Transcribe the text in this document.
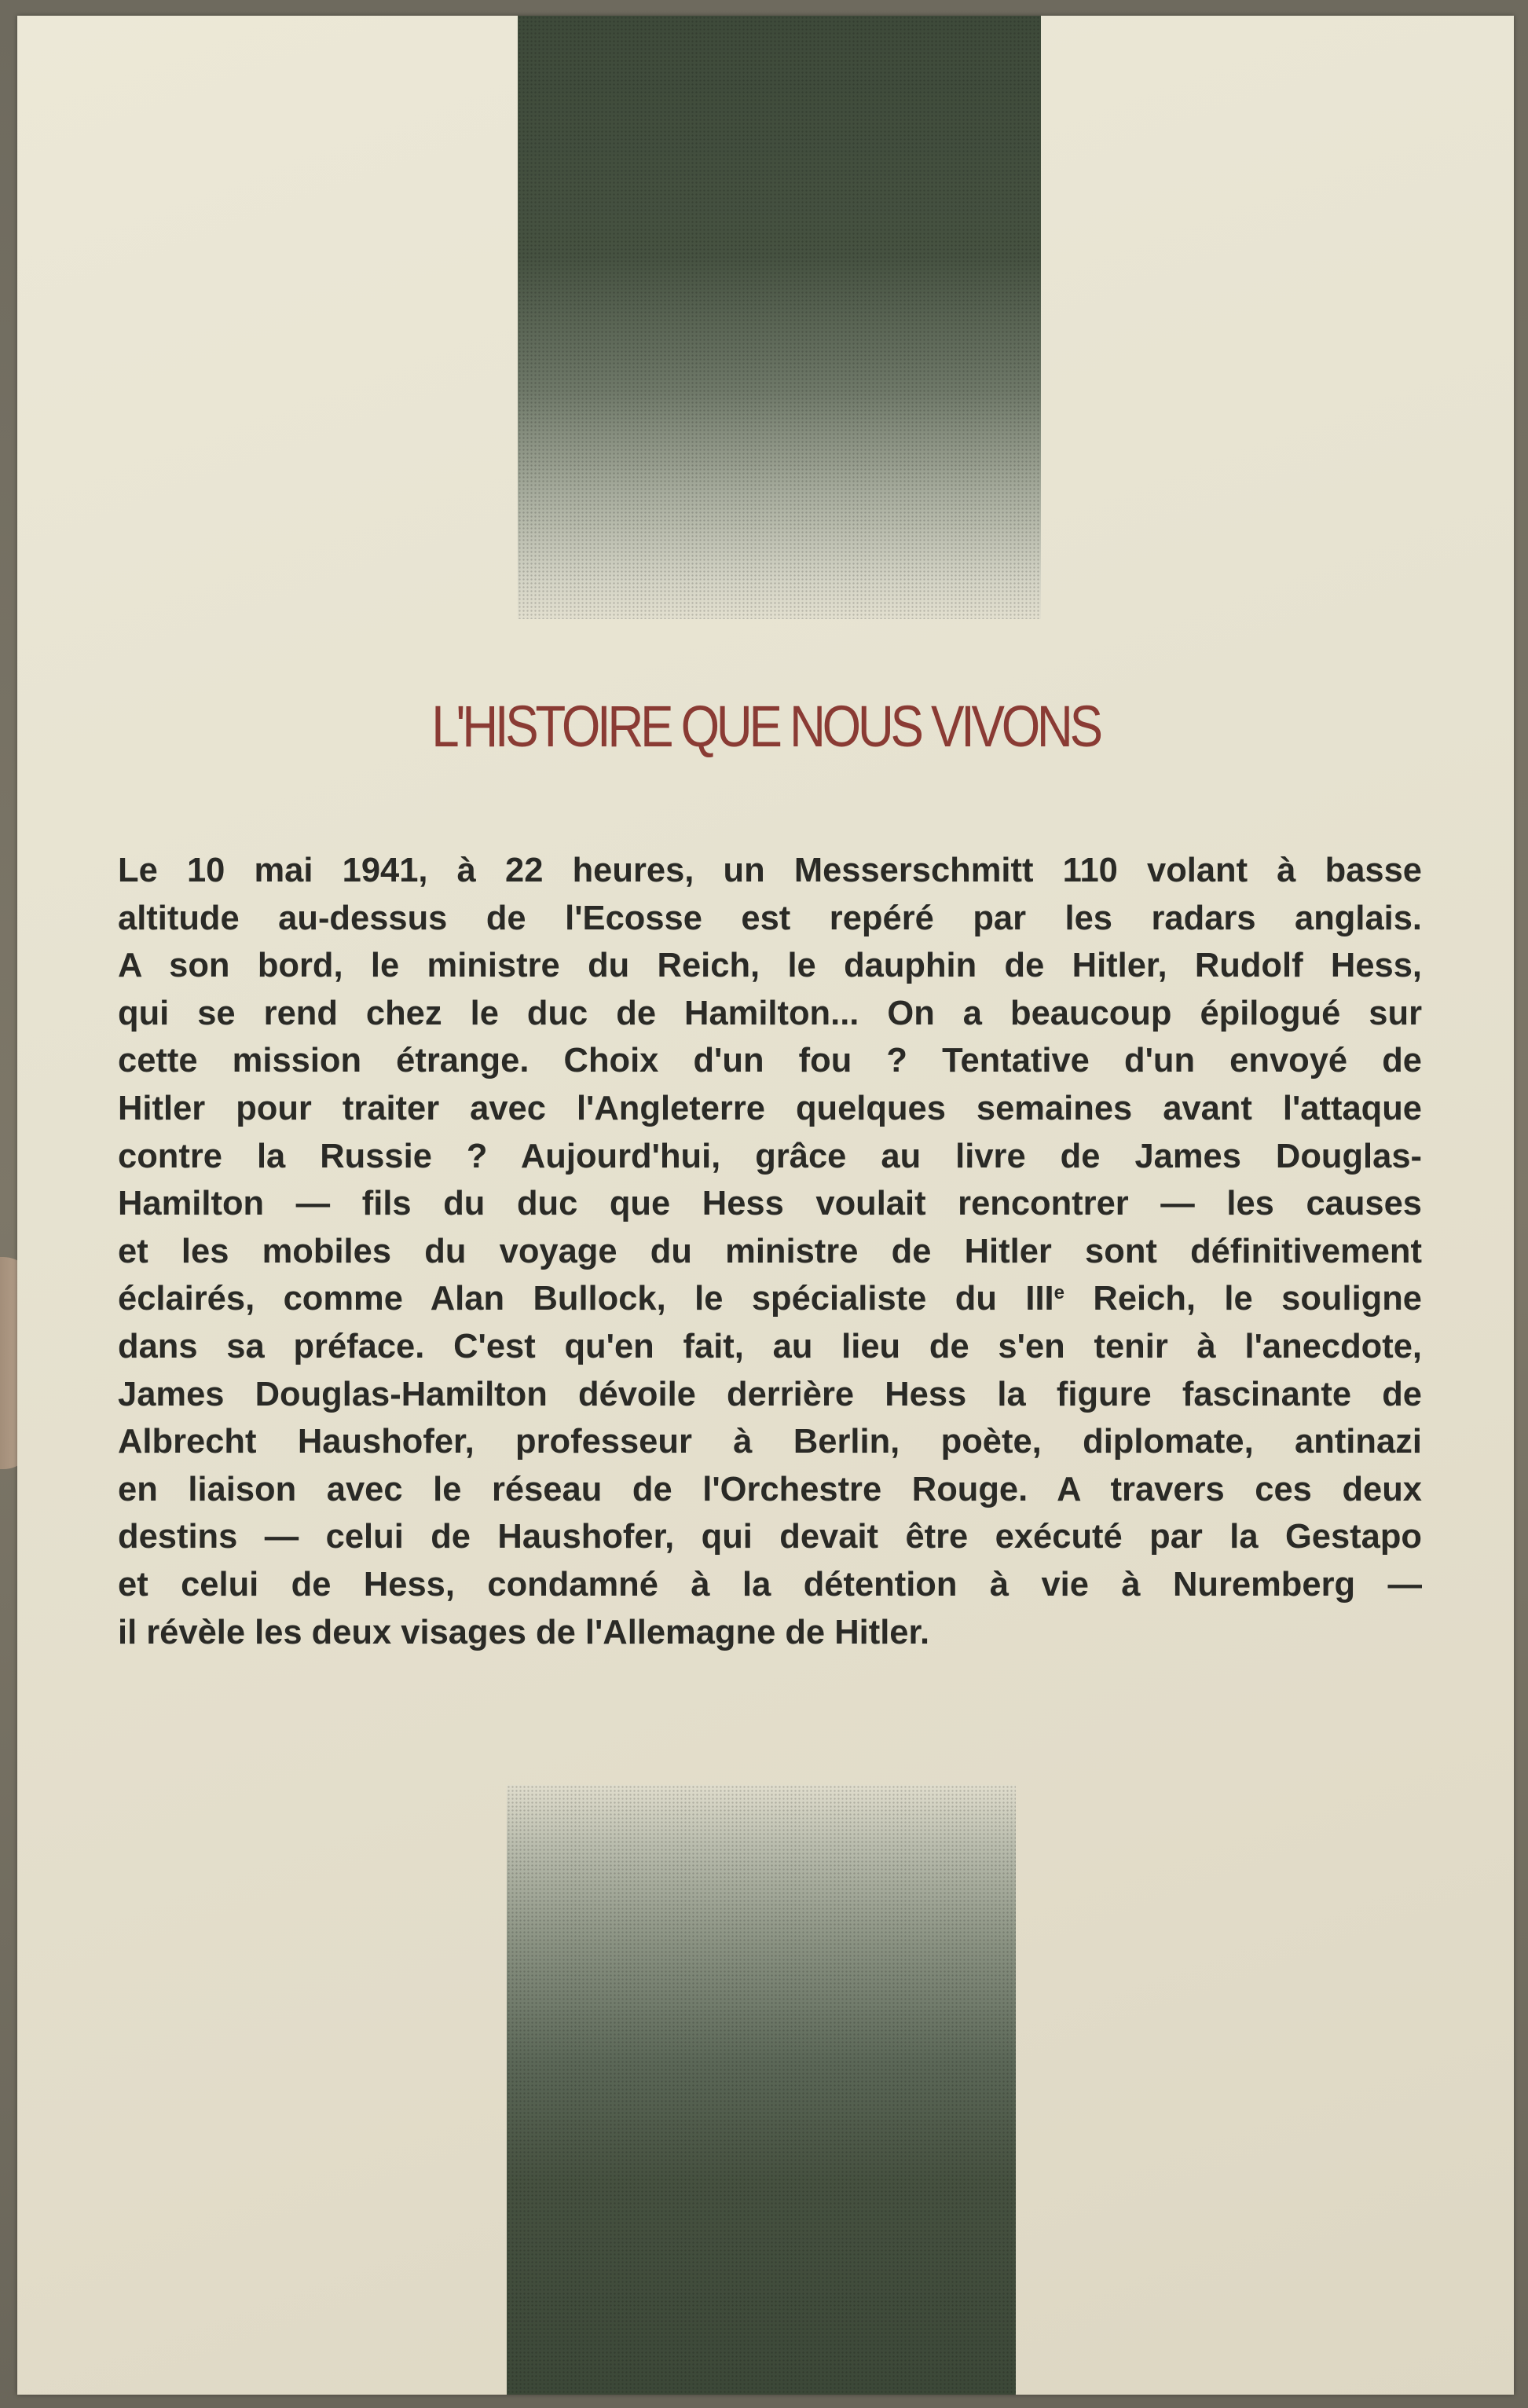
L'HISTOIRE QUE NOUS VIVONS

Le 10 mai 1941, à 22 heures, un Messerschmitt 110 volant à basse
altitude au-dessus de l'Ecosse est repéré par les radars anglais.
A son bord, le ministre du Reich, le dauphin de Hitler, Rudolf Hess,
qui se rend chez le duc de Hamilton... On a beaucoup épilogué sur
cette mission étrange. Choix d'un fou ? Tentative d'un envoyé de
Hitler pour traiter avec l'Angleterre quelques semaines avant l'attaque
contre la Russie ? Aujourd'hui, grâce au livre de James Douglas-
Hamilton — fils du duc que Hess voulait rencontrer — les causes
et les mobiles du voyage du ministre de Hitler sont définitivement
éclairés, comme Alan Bullock, le spécialiste du IIIe Reich, le souligne
dans sa préface. C'est qu'en fait, au lieu de s'en tenir à l'anecdote,
James Douglas-Hamilton dévoile derrière Hess la figure fascinante de
Albrecht Haushofer, professeur à Berlin, poète, diplomate, antinazi
en liaison avec le réseau de l'Orchestre Rouge. A travers ces deux
destins — celui de Haushofer, qui devait être exécuté par la Gestapo
et celui de Hess, condamné à la détention à vie à Nuremberg —
il révèle les deux visages de l'Allemagne de Hitler.
